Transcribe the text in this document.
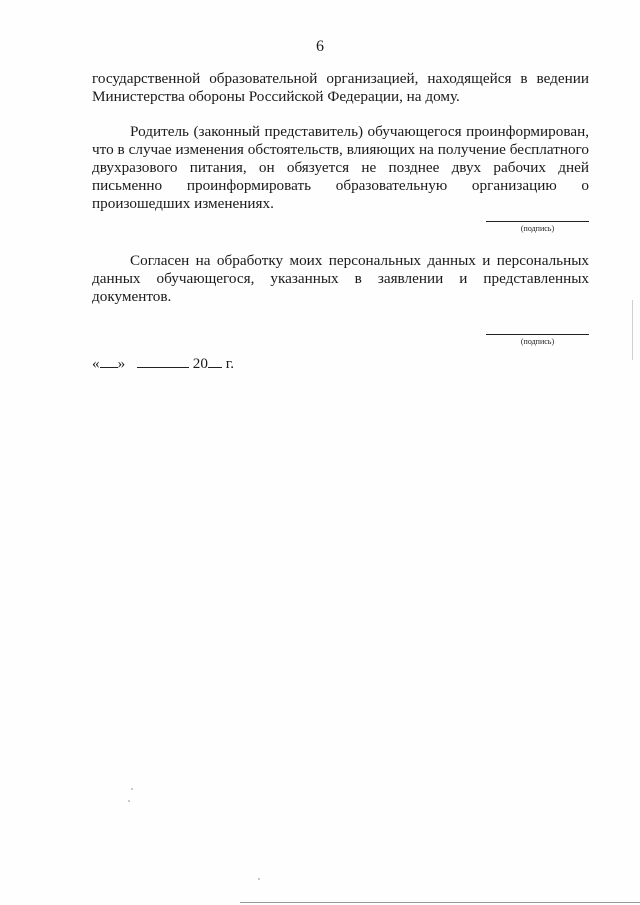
6

государственной образовательной организацией, находящейся в ведении Министерства обороны Российской Федерации, на дому.

Родитель (законный представитель) обучающегося проинформирован, что в случае изменения обстоятельств, влияющих на получение бесплатного двухразового питания, он обязуется не позднее двух рабочих дней письменно проинформировать образовательную организацию о произошедших изменениях.

(подпись)

Согласен на обработку моих персональных данных и персональных данных обучающегося, указанных в заявлении и представленных документов.

(подпись)
« »	20 г.
